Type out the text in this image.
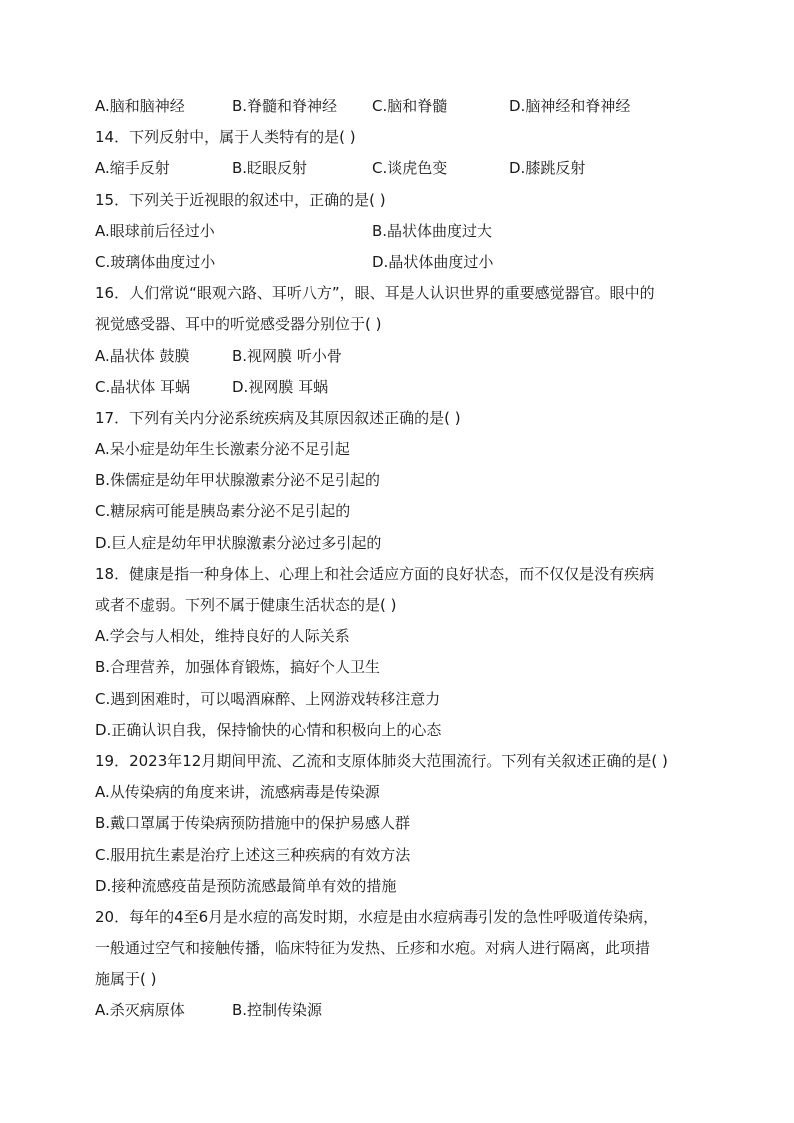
A.脑和脑神经	B.脊髓和脊神经 C.脑和脊髓	D.脑神经和脊神经
14．下列反射中，属于人类特有的是( )
A.缩手反射	B.眨眼反射	C.谈虎色变	D.膝跳反射
15．下列关于近视眼的叙述中，正确的是( )
A.眼球前后径过小	B.晶状体曲度过大
C.玻璃体曲度过小	D.晶状体曲度过小
16．人们常说“眼观六路、耳听八方”，眼、耳是人认识世界的重要感觉器官。眼中的
视觉感受器、耳中的听觉感受器分别位于( )
A.晶状体 鼓膜	B.视网膜 听小骨
C.晶状体 耳蜗	D.视网膜 耳蜗
17．下列有关内分泌系统疾病及其原因叙述正确的是( )
A.呆小症是幼年生长激素分泌不足引起
B.侏儒症是幼年甲状腺激素分泌不足引起的
C.糖尿病可能是胰岛素分泌不足引起的
D.巨人症是幼年甲状腺激素分泌过多引起的
18．健康是指一种身体上、心理上和社会适应方面的良好状态，而不仅仅是没有疾病
或者不虚弱。下列不属于健康生活状态的是( )
A.学会与人相处，维持良好的人际关系
B.合理营养，加强体育锻炼，搞好个人卫生
C.遇到困难时，可以喝酒麻醉、上网游戏转移注意力
D.正确认识自我，保持愉快的心情和积极向上的心态
19．2023年12月期间甲流、乙流和支原体肺炎大范围流行。下列有关叙述正确的是( )
A.从传染病的角度来讲，流感病毒是传染源
B.戴口罩属于传染病预防措施中的保护易感人群
C.服用抗生素是治疗上述这三种疾病的有效方法
D.接种流感疫苗是预防流感最简单有效的措施
20．每年的4至6月是水痘的高发时期，水痘是由水痘病毒引发的急性呼吸道传染病，
一般通过空气和接触传播，临床特征为发热、丘疹和水疱。对病人进行隔离，此项措
施属于( )
A.杀灭病原体	B.控制传染源
